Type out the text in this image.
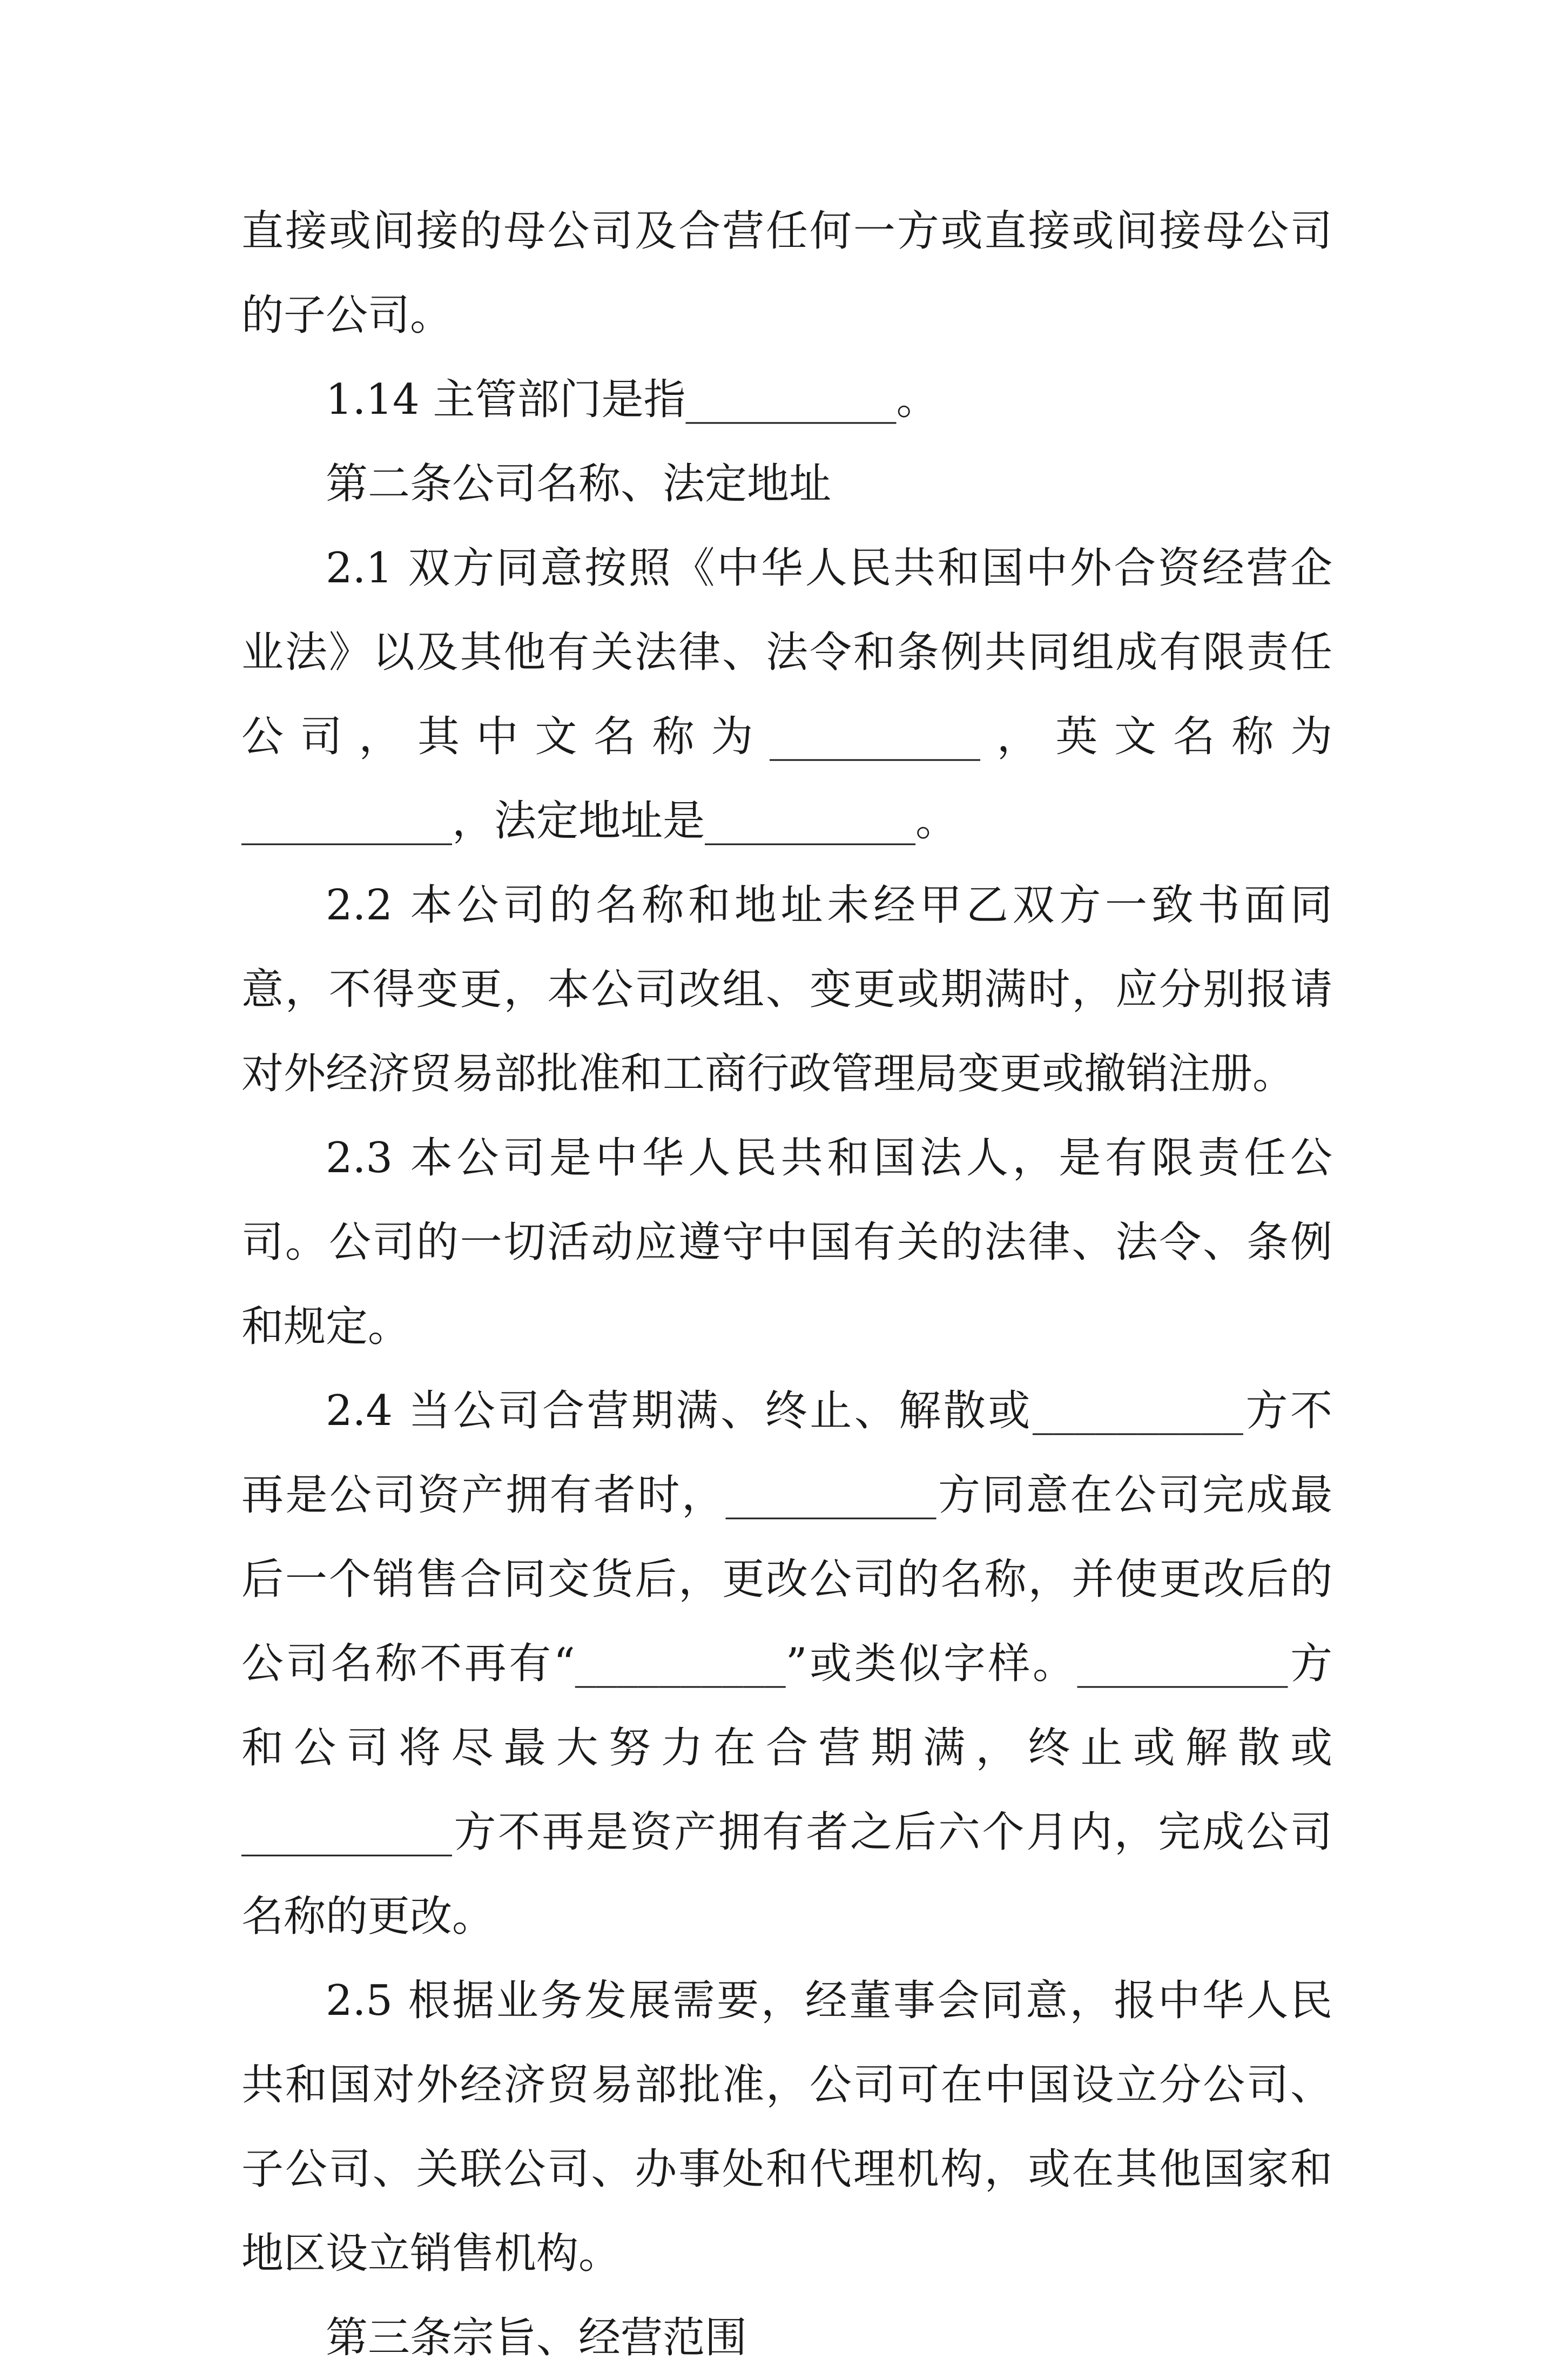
直接或间接的母公司及合营任何一方或直接或间接母公司的子公司。

1.14 主管部门是指__________。

第二条公司名称、法定地址

2.1 双方同意按照《中华人民共和国中外合资经营企业法》以及其他有关法律、法令和条例共同组成有限责任公司，其中文名称为__________，英文名称为__________，法定地址是__________。

2.2 本公司的名称和地址未经甲乙双方一致书面同意，不得变更，本公司改组、变更或期满时，应分别报请对外经济贸易部批准和工商行政管理局变更或撤销注册。

2.3 本公司是中华人民共和国法人，是有限责任公司。公司的一切活动应遵守中国有关的法律、法令、条例和规定。

2.4 当公司合营期满、终止、解散或__________方不再是公司资产拥有者时，__________方同意在公司完成最后一个销售合同交货后，更改公司的名称，并使更改后的公司名称不再有“__________”或类似字样。__________方和公司将尽最大努力在合营期满，终止或解散或__________方不再是资产拥有者之后六个月内，完成公司名称的更改。

2.5 根据业务发展需要，经董事会同意，报中华人民共和国对外经济贸易部批准，公司可在中国设立分公司、子公司、关联公司、办事处和代理机构，或在其他国家和地区设立销售机构。

第三条宗旨、经营范围
